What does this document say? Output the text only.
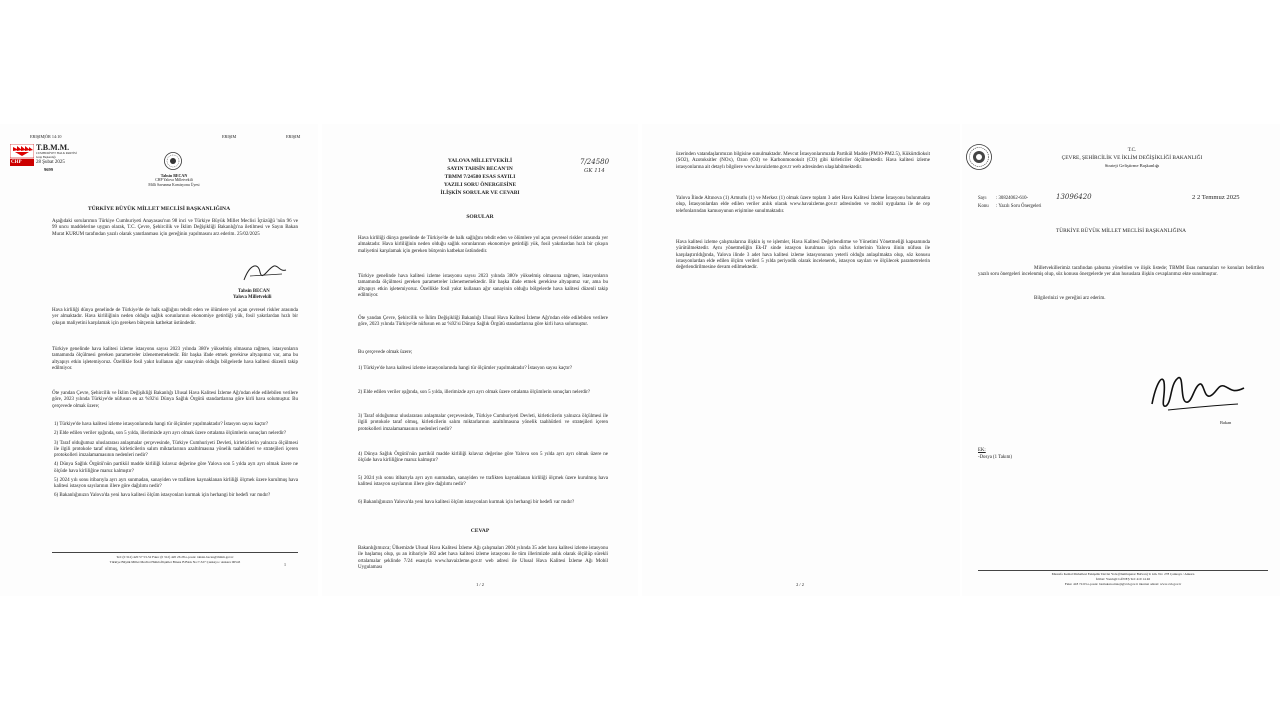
ERIŞIM|ÖR 14:10	ERIŞIM	ERIŞIM
CHP
T.B.M.M.
CUMHURİYET HALK PARTİSİ
Grup Başkanlığı
28 Şubat 2025
9699
Tahsin BECAN
CHP Yalova Milletvekili
Milli Savunma Komisyonu Üyesi
TÜRKİYE BÜYÜK MİLLET MECLİSİ BAŞKANLIĞINA
Aşağıdaki sorularımın Türkiye Cumhuriyeti Anayasası'nın 98 inci ve Türkiye Büyük Millet Meclisi İçtüzüğü 'nün 96 ve 99 uncu maddelerine uygun olarak, T.C. Çevre, Şehircilik ve İklim Değişikliği Bakanlığı'na iletilmesi ve Sayın Bakan Murat KURUM tarafından yazılı olarak yanıtlanması için gereğinin yapılmasını arz ederim. 25/02/2025
Tahsin BECAN
Yalova Milletvekili
Hava kirliliği dünya genelinde de Türkiye'de de halk sağlığını tehdit eden ve ölümlere yol açan çevresel riskler arasında yer almaktadır. Hava kirliliğinin neden olduğu sağlık sorunlarının ekonomiye getirdiği yük, fosil yakıtlardan hızlı bir çıkışın maliyetini karşılamak için gereken bütçenin katbekat üstündedir.
Türkiye genelinde hava kalitesi izleme istasyonu sayısı 2023 yılında 380'e yükselmiş olmasına rağmen, istasyonların tamamında ölçülmesi gereken parametreler izlenememektedir. Bir başka ifade etmek gerekirse altyapımız var, ama bu altyapıyı etkin işletemiyoruz. Özellikle fosil yakıt kullanan ağır sanayinin olduğu bölgelerde hava kalitesi düzenli takip edilmiyor.
Öte yandan Çevre, Şehircilik ve İklim Değişikliği Bakanlığı Ulusal Hava Kalitesi İzleme Ağı'ndan elde edilebilen verilere göre, 2023 yılında Türkiye'de nüfusun en az %92'si Dünya Sağlık Örgütü standartlarına göre kirli hava solumuştur. Bu çerçevede olmak üzere;
1) Türkiye'de hava kalitesi izleme istasyonlarında hangi tür ölçümler yapılmaktadır? İstasyon sayısı kaçtır?
2) Elde edilen veriler ışığında, son 5 yılda, illerimizde ayrı ayrı olmak üzere ortalama ölçümlerin sonuçları nelerdir?
3) Taraf olduğumuz uluslararası anlaşmalar çerçevesinde, Türkiye Cumhuriyeti Devleti, kirleticilerin yalnızca ölçülmesi ile ilgili protokole taraf olmuş, kirleticilerin salım miktarlarının azaltılmasına yönelik taahhütleri ve stratejileri içeren protokolleri imzalamamasının nedenleri nedir?
4) Dünya Sağlık Örgütü'nün partikül madde kirliliği kılavuz değerine göre Yalova son 5 yılda ayrı ayrı olmak üzere ne ölçüde hava kirliliğine maruz kalmıştır?
5) 2024 yılı sonu itibarıyla ayrı ayrı sunmadan, sanayiden ve trafikten kaynaklanan kirliliği ölçmek üzere kurulmuş hava kalitesi istasyon sayılarının illere göre dağılımı nedir?
6) Bakanlığınızın Yalova'da yeni hava kalitesi ölçüm istasyonları kurmak için herhangi bir hedefi var mıdır?
Tel: (0 312) 420 57 53-52 Faks: (0 312) 420 26 28 e-posta: tahsin.becan@tbmm.gov.tr
Türkiye Büyük Millet Meclisi Halkla İlişkiler Binası B Blok No:7-327 Çankaya / Ankara 06543	1
YALOVA MİLLETVEKİLİ
SAYIN TAHSİN BECAN'IN
TBMM 7/24580 ESAS SAYILI
YAZILI SORU ÖNERGESİNE
İLİŞKİN SORULAR VE CEVABI
7/24580
GK 114
SORULAR
Hava kirliliği dünya genelinde de Türkiye'de de halk sağlığını tehdit eden ve ölümlere yol açan çevresel riskler arasında yer almaktadır. Hava kirliliğinin neden olduğu sağlık sorunlarının ekonomiye getirdiği yük, fosil yakıtlardan hızlı bir çıkışın maliyetini karşılamak için gereken bütçenin katbekat üstündedir.
Türkiye genelinde hava kalitesi izleme istasyonu sayısı 2023 yılında 380'e yükselmiş olmasına rağmen, istasyonların tamamında ölçülmesi gereken parametreler izlenememektedir. Bir başka ifade etmek gerekirse altyapımız var, ama bu altyapıyı etkin işletemiyoruz. Özellikle fosil yakıt kullanan ağır sanayinin olduğu bölgelerde hava kalitesi düzenli takip edilmiyor.
Öte yandan Çevre, Şehircilik ve İklim Değişikliği Bakanlığı Ulusal Hava Kalitesi İzleme Ağı'ndan elde edilebilen verilere göre, 2023 yılında Türkiye'de nüfusun en az %92'si Dünya Sağlık Örgütü standartlarına göre kirli hava solumuştur.
Bu çerçevede olmak üzere;
1) Türkiye'de hava kalitesi izleme istasyonlarında hangi tür ölçümler yapılmaktadır? İstasyon sayısı kaçtır?
2) Elde edilen veriler ışığında, son 5 yılda, illerimizde ayrı ayrı olmak üzere ortalama ölçümlerin sonuçları nelerdir?
3) Taraf olduğumuz uluslararası anlaşmalar çerçevesinde, Türkiye Cumhuriyeti Devleti, kirleticilerin yalnızca ölçülmesi ile ilgili protokole taraf olmuş, kirleticilerin salım miktarlarının azaltılmasına yönelik taahhütleri ve stratejileri içeren protokolleri imzalamamasının nedenleri nedir?
4) Dünya Sağlık Örgütü'nün partikül madde kirliliği kılavuz değerine göre Yalova son 5 yılda ayrı ayrı olmak üzere ne ölçüde hava kirliliğine maruz kalmıştır?
5) 2024 yılı sonu itibarıyla ayrı ayrı sunmadan, sanayiden ve trafikten kaynaklanan kirliliği ölçmek üzere kurulmuş hava kalitesi istasyon sayılarının illere göre dağılımı nedir?
6) Bakanlığınızın Yalova'da yeni hava kalitesi ölçüm istasyonları kurmak için herhangi bir hedefi var mıdır?
CEVAP
Bakanlığımızca; Ülkemizde Ulusal Hava Kalitesi İzleme Ağı çalışmaları 2004 yılında 35 adet hava kalitesi izleme istasyonu ile başlamış olup, şu an itibariyle 382 adet hava kalitesi izleme istasyonu ile tüm illerimizde anlık olarak ölçülüp sürekli ortalamalar şeklinde 7/24 esasıyla www.havaizleme.gov.tr web adresi ile Ulusal Hava Kalitesi İzleme Ağı Mobil Uygulaması
1 / 2
üzerinden vatandaşlarımızın bilgisine sunulmaktadır. Mevcut İstasyonlarımızda Partikül Madde (PM10-PM2.5), Kükürtdioksit (SO2), Azotoksitler (NOx), Ozon (O3) ve Karbonmonoksit (CO) gibi kirleticiler ölçülmektedir. Hava kalitesi izleme istasyonlarına ait detaylı bilgilere www.havaizleme.gov.tr web adresinden ulaşılabilmektedir.
Yalova İlinde Altınova (1) Armutlu (1) ve Merkez (1) olmak üzere toplam 3 adet Hava Kalitesi İzleme İstasyonu bulunmakta olup, İstasyonlardan elde edilen veriler anlık olarak www.havaizleme.gov.tr adresinden ve mobil uygulama ile de cep telefonlarından kamuoyunun erişimine sunulmaktadır.
Hava kalitesi izleme çalışmalarına ilişkin iş ve işlemler, Hava Kalitesi Değerlendirme ve Yönetimi Yönetmeliği kapsamında yürütülmektedir. Aynı yönetmeliğin Ek-II' sinde istasyon kurulması için nüfus kriterinin Yalova ilinin nüfusu ile karşılaştırıldığında, Yalova ilinde 3 adet hava kalitesi izleme istasyonunun yeterli olduğu anlaşılmakta olup, söz konusu istasyonlardan elde edilen ölçüm verileri 5 yılda periyodik olarak incelenerek, istasyon sayıları ve ölçülecek parametrelerin değerlendirilmesine devam edilmektedir.
2 / 2
T.C.
ÇEVRE, ŞEHİRCİLİK VE İKLİM DEĞİŞİKLİĞİ BAKANLIĞI
Strateji Geliştirme Başkanlığı
Sayı : 30824062-610-	13096420	2 2 Temmuz 2025
Konu : Yazılı Soru Önergeleri
TÜRKİYE BÜYÜK MİLLET MECLİSİ BAŞKANLIĞINA
Milletvekillerimiz tarafından şahsıma yöneltilen ve ilişik listede; TBMM Esas numaraları ve konuları belirtilen yazılı soru önergeleri incelenmiş olup, söz konusu önergelerde yer alan hususlara ilişkin cevaplarımız ekte sunulmuştur.
Bilgilerinizi ve gereğini arz ederim.
Bakan
EK:
-Dosya (1 Takım)
Mustafa Kemal Mahallesi Eskişehir Devlet Yolu (Dumlupınar Bulvarı) 9. km. No: 278 Çankaya / Ankara
İrtibat: Yazılıgil GÜNEŞ Tel: 410 14 46
Faks: 418 74 63 e-posta: basbakan.strateji@csb.gov.tr internet adresi: www.csb.gov.tr
